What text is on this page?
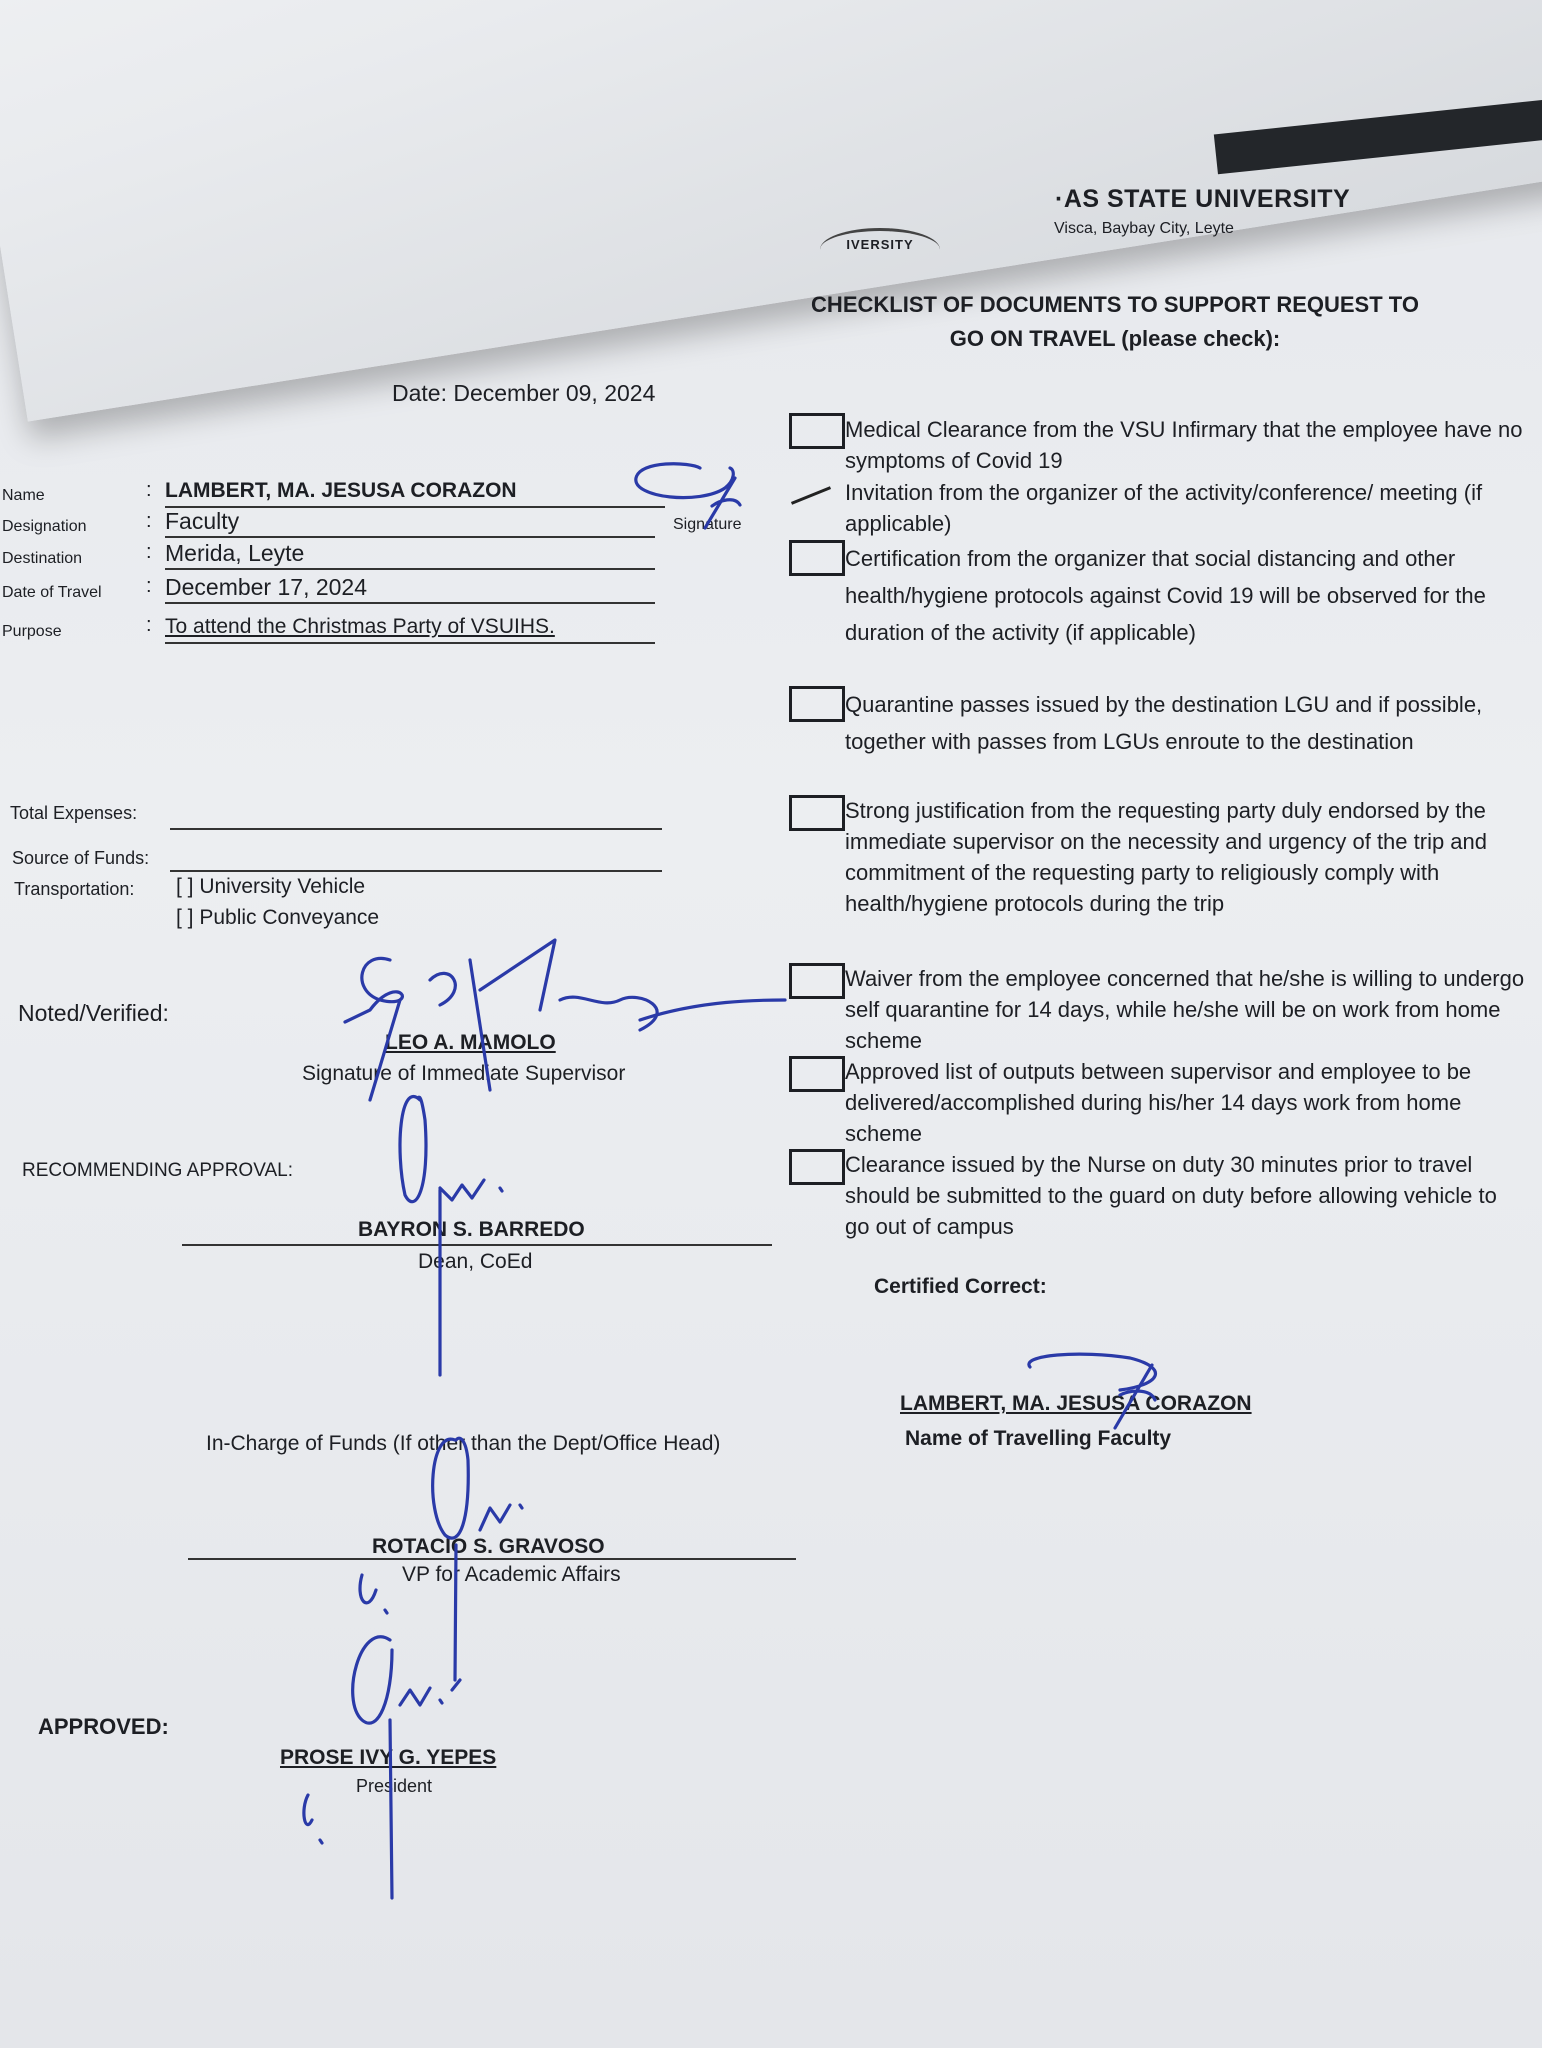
IVERSITY
·AS STATE UNIVERSITY
Visca, Baybay City, Leyte
CHECKLIST OF DOCUMENTS TO SUPPORT REQUEST TO GO ON TRAVEL (please check):
Date: December 09, 2024
Name	: LAMBERT, MA. JESUSA CORAZON
Designation	: Faculty
Destination	: Merida, Leyte
Date of Travel : December 17, 2024
Purpose	: To attend the Christmas Party of VSUIHS.
Signature
Total Expenses:
Source of Funds:
Transportation: [ ] University Vehicle
[ ] Public Conveyance
Noted/Verified:
LEO A. MAMOLO
Signature of Immediate Supervisor
RECOMMENDING APPROVAL:
BAYRON S. BARREDO
Dean, CoEd
In-Charge of Funds (If other than the Dept/Office Head)
ROTACIO S. GRAVOSO
VP for Academic Affairs
APPROVED:
PROSE IVY G. YEPES
President
Medical Clearance from the VSU Infirmary that the employee have no symptoms of Covid 19
Invitation from the organizer of the activity/conference/ meeting (if applicable)
Certification from the organizer that social distancing and other health/hygiene protocols against Covid 19 will be observed for the duration of the activity (if applicable)
Quarantine passes issued by the destination LGU and if possible, together with passes from LGUs enroute to the destination
Strong justification from the requesting party duly endorsed by the immediate supervisor on the necessity and urgency of the trip and commitment of the requesting party to religiously comply with health/hygiene protocols during the trip
Waiver from the employee concerned that he/she is willing to undergo self quarantine for 14 days, while he/she will be on work from home scheme
Approved list of outputs between supervisor and employee to be delivered/accomplished during his/her 14 days work from home scheme
Clearance issued by the Nurse on duty 30 minutes prior to travel should be submitted to the guard on duty before allowing vehicle to go out of campus
Certified Correct:
LAMBERT, MA. JESUSA CORAZON
Name of Travelling Faculty
